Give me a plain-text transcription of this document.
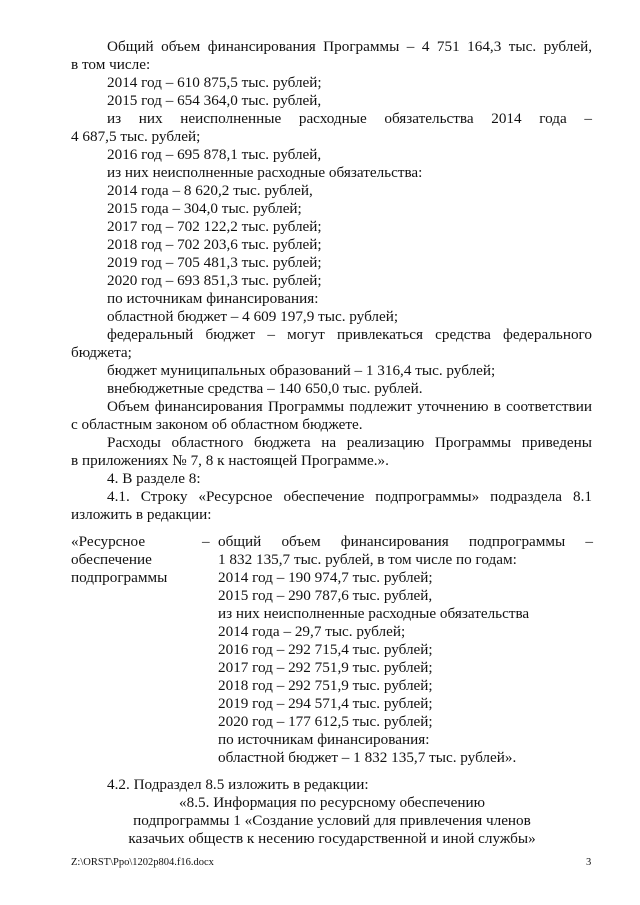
Общий объем финансирования Программы – 4 751 164,3 тыс. рублей,
в том числе:
2014 год – 610 875,5 тыс. рублей;
2015 год – 654 364,0 тыс. рублей,
из них неисполненные расходные обязательства 2014 года –
4 687,5 тыс. рублей;
2016 год – 695 878,1 тыс. рублей,
из них неисполненные расходные обязательства:
2014 года – 8 620,2 тыс. рублей,
2015 года – 304,0 тыс. рублей;
2017 год – 702 122,2 тыс. рублей;
2018 год – 702 203,6 тыс. рублей;
2019 год – 705 481,3 тыс. рублей;
2020 год – 693 851,3 тыс. рублей;
по источникам финансирования:
областной бюджет – 4 609 197,9 тыс. рублей;
федеральный бюджет – могут привлекаться средства федерального
бюджета;
бюджет муниципальных образований – 1 316,4 тыс. рублей;
внебюджетные средства – 140 650,0 тыс. рублей.
Объем финансирования Программы подлежит уточнению в соответствии
с областным законом об областном бюджете.
Расходы областного бюджета на реализацию Программы приведены
в приложениях № 7, 8 к настоящей Программе.».
4. В разделе 8:
4.1. Строку «Ресурсное обеспечение подпрограммы» подраздела 8.1
изложить в редакции:
«Ресурсное
обеспечение
подпрограммы
– общий объем финансирования подпрограммы –
1 832 135,7 тыс. рублей, в том числе по годам:
2014 год – 190 974,7 тыс. рублей;
2015 год – 290 787,6 тыс. рублей,
из них неисполненные расходные обязательства
2014 года – 29,7 тыс. рублей;
2016 год – 292 715,4 тыс. рублей;
2017 год – 292 751,9 тыс. рублей;
2018 год – 292 751,9 тыс. рублей;
2019 год – 294 571,4 тыс. рублей;
2020 год – 177 612,5 тыс. рублей;
по источникам финансирования:
областной бюджет – 1 832 135,7 тыс. рублей».
4.2. Подраздел 8.5 изложить в редакции:
«8.5. Информация по ресурсному обеспечению
подпрограммы 1 «Создание условий для привлечения членов
казачьих обществ к несению государственной и иной службы»
Z:\ORST\Ppo\1202p804.f16.docx	3
